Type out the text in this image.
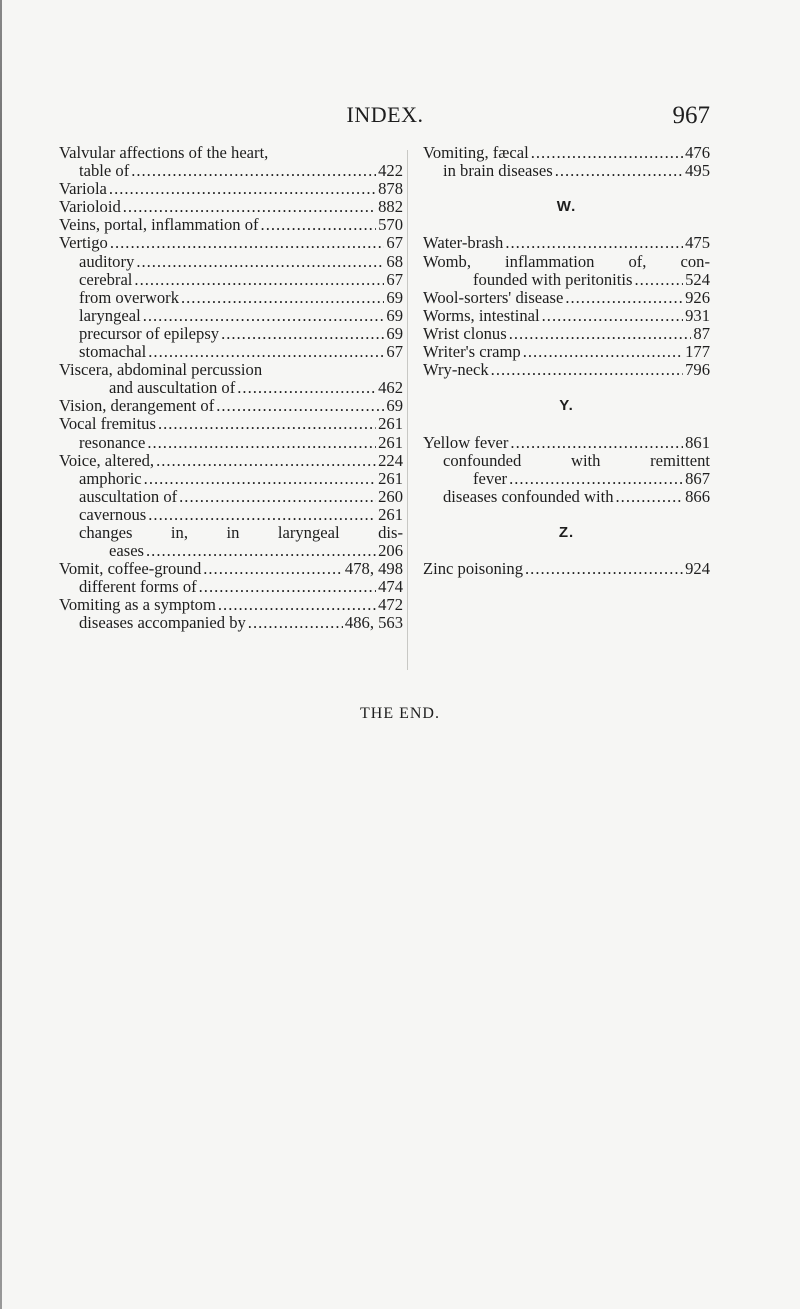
INDEX.	967
Valvular affections of the heart,
table of .....	422
Variola .....	878
Varioloid .....	882
Veins, portal, inflammation of .....	570
Vertigo .....	67
auditory .....	68
cerebral .....	67
from overwork .....	69
laryngeal .....	69
precursor of epilepsy .....	69
stomachal .....	67
Viscera, abdominal percussion
and auscultation of .....	462
Vision, derangement of .....	69
Vocal fremitus .....	261
resonance .....	261
Voice, altered, .....	224
amphoric .....	261
auscultation of .....	260
cavernous .....	261
changes in, in laryngeal dis-
eases .....	206
Vomit, coffee-ground .....	478, 498
different forms of .....	474
Vomiting as a symptom .....	472
diseases accompanied by .....	486, 563
Vomiting, fæcal .....	476
in brain diseases .....	495
W.
Water-brash .....	475
Womb, inflammation of, con-
founded with peritonitis .....	524
Wool-sorters' disease .....	926
Worms, intestinal .....	931
Wrist clonus .....	87
Writer's cramp .....	177
Wry-neck .....	796
Y.
Yellow fever .....	861
confounded with remittent
fever .....	867
diseases confounded with .....	866
Z.
Zinc poisoning .....	924
THE END.
